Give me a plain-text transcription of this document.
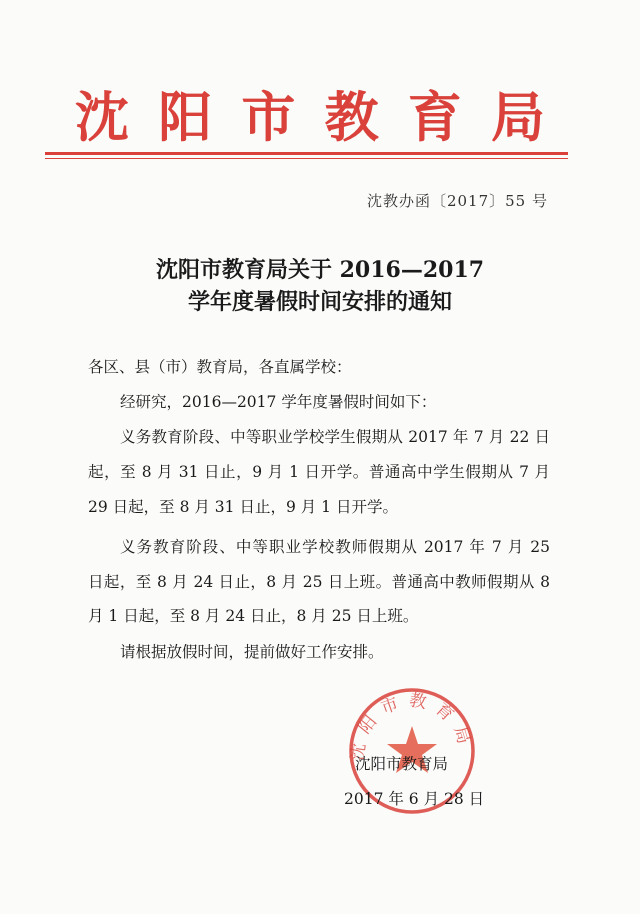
沈 阳 市 教 育 局
沈教办函〔2017〕55 号
沈阳市教育局关于 2016—2017
学年度暑假时间安排的通知
各区、县（市）教育局，各直属学校：
经研究，2016—2017 学年度暑假时间如下：
义务教育阶段、中等职业学校学生假期从 2017 年 7 月 22 日
起，至 8 月 31 日止，9 月 1 日开学。普通高中学生假期从 7 月
29 日起，至 8 月 31 日止，9 月 1 日开学。
义务教育阶段、中等职业学校教师假期从 2017 年 7 月 25
日起，至 8 月 24 日止，8 月 25 日上班。普通高中教师假期从 8
月 1 日起，至 8 月 24 日止，8 月 25 日上班。
请根据放假时间，提前做好工作安排。
沈阳市教育局
沈阳市教育局
2017 年 6 月 28 日
